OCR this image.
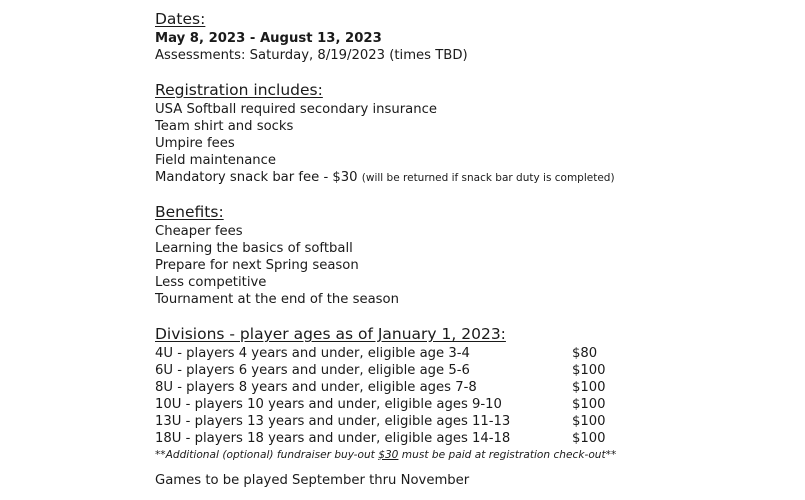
Dates:
May 8, 2023 - August 13, 2023
Assessments: Saturday, 8/19/2023 (times TBD)
Registration includes:
USA Softball required secondary insurance
Team shirt and socks
Umpire fees
Field maintenance
Mandatory snack bar fee - $30 (will be returned if snack bar duty is completed)
Benefits:
Cheaper fees
Learning the basics of softball
Prepare for next Spring season
Less competitive
Tournament at the end of the season
Divisions - player ages as of January 1, 2023:
4U - players 4 years and under, eligible age 3-4	$80
6U - players 6 years and under, eligible age 5-6	$100
8U - players 8 years and under, eligible ages 7-8	$100
10U - players 10 years and under, eligible ages 9-10	$100
13U - players 13 years and under, eligible ages 11-13	$100
18U - players 18 years and under, eligible ages 14-18	$100
**Additional (optional) fundraiser buy-out $30 must be paid at registration check-out**
Games to be played September thru November
